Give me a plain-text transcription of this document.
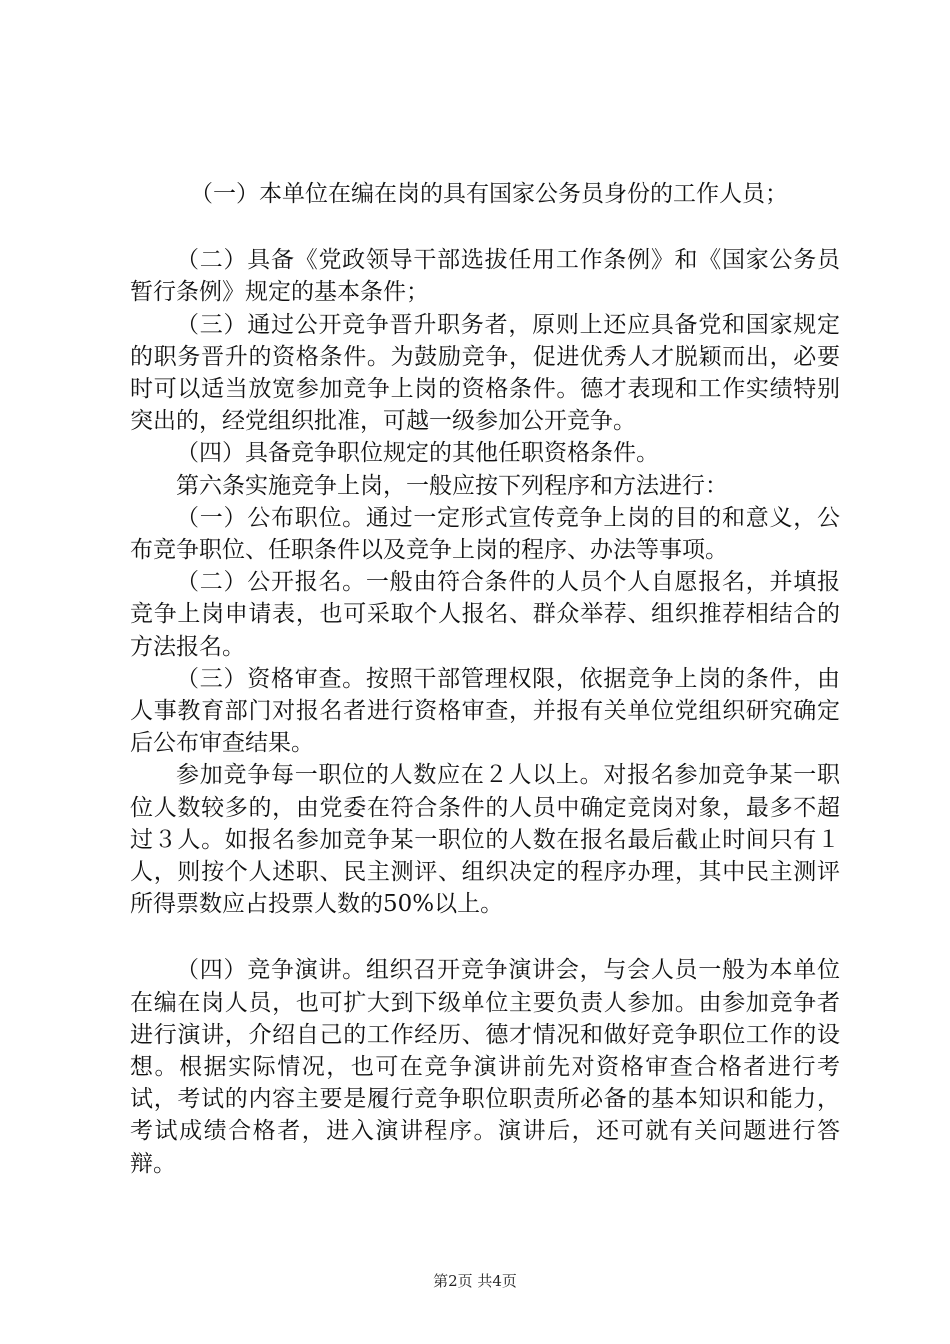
（一）本单位在编在岗的具有国家公务员身份的工作人员；

（二）具备《党政领导干部选拔任用工作条例》和《国家公务员暂行条例》规定的基本条件；

（三）通过公开竞争晋升职务者，原则上还应具备党和国家规定的职务晋升的资格条件。为鼓励竞争，促进优秀人才脱颖而出，必要时可以适当放宽参加竞争上岗的资格条件。德才表现和工作实绩特别突出的，经党组织批准，可越一级参加公开竞争。

（四）具备竞争职位规定的其他任职资格条件。

第六条实施竞争上岗，一般应按下列程序和方法进行：

（一）公布职位。通过一定形式宣传竞争上岗的目的和意义，公布竞争职位、任职条件以及竞争上岗的程序、办法等事项。

（二）公开报名。一般由符合条件的人员个人自愿报名，并填报竞争上岗申请表，也可采取个人报名、群众举荐、组织推荐相结合的方法报名。

（三）资格审查。按照干部管理权限，依据竞争上岗的条件，由人事教育部门对报名者进行资格审查，并报有关单位党组织研究确定后公布审查结果。

参加竞争每一职位的人数应在２人以上。对报名参加竞争某一职位人数较多的，由党委在符合条件的人员中确定竞岗对象，最多不超过３人。如报名参加竞争某一职位的人数在报名最后截止时间只有１人，则按个人述职、民主测评、组织决定的程序办理，其中民主测评所得票数应占投票人数的50%以上。

（四）竞争演讲。组织召开竞争演讲会，与会人员一般为本单位在编在岗人员，也可扩大到下级单位主要负责人参加。由参加竞争者进行演讲，介绍自己的工作经历、德才情况和做好竞争职位工作的设想。根据实际情况，也可在竞争演讲前先对资格审查合格者进行考试，考试的内容主要是履行竞争职位职责所必备的基本知识和能力，考试成绩合格者，进入演讲程序。演讲后，还可就有关问题进行答辩。

第2页 共4页
